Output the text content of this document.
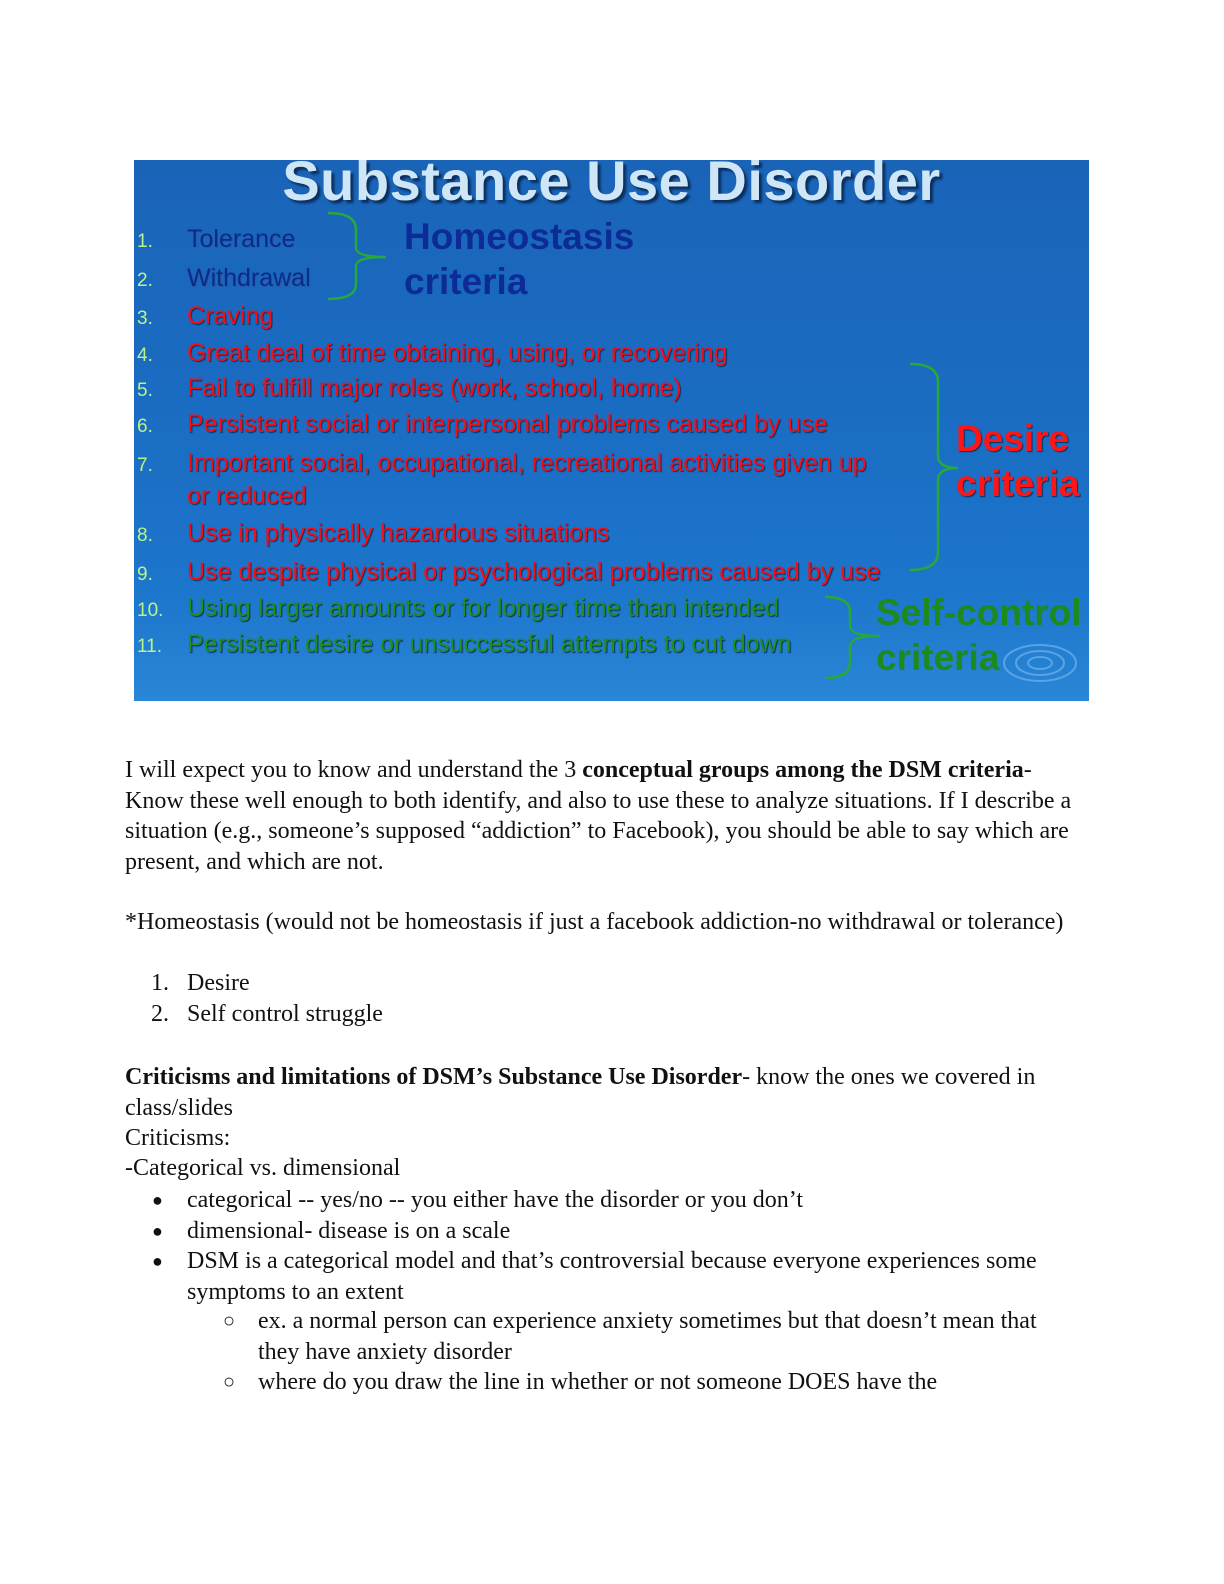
Substance Use Disorder
1.	Tolerance
2.	Withdrawal
3.	Craving
4.	Great deal of time obtaining, using, or recovering
5.	Fail to fulfill major roles (work, school, home)
6.	Persistent social or interpersonal problems caused by use
7.	Important social, occupational, recreational activities given up
or reduced
8.	Use in physically hazardous situations
9.	Use despite physical or psychological problems caused by use
10. Using larger amounts or for longer time than intended
11. Persistent desire or unsuccessful attempts to cut down
Homeostasis
criteria
Desire
criteria
Self-control
criteria
I will expect you to know and understand the 3 conceptual groups among the DSM criteria- Know these well enough to both identify, and also to use these to analyze situations. If I describe a situation (e.g., someone’s supposed “addiction” to Facebook), you should be able to say which are present, and which are not.
*Homeostasis (would not be homeostasis if just a facebook addiction-no withdrawal or tolerance)
1. Desire
2. Self control struggle
Criticisms and limitations of DSM’s Substance Use Disorder- know the ones we covered in class/slides
Criticisms:
-Categorical vs. dimensional
● categorical -- yes/no -- you either have the disorder or you don’t
● dimensional- disease is on a scale
● DSM is a categorical model and that’s controversial because everyone experiences some symptoms to an extent
○ ex. a normal person can experience anxiety sometimes but that doesn’t mean that they have anxiety disorder
○ where do you draw the line in whether or not someone DOES have the
